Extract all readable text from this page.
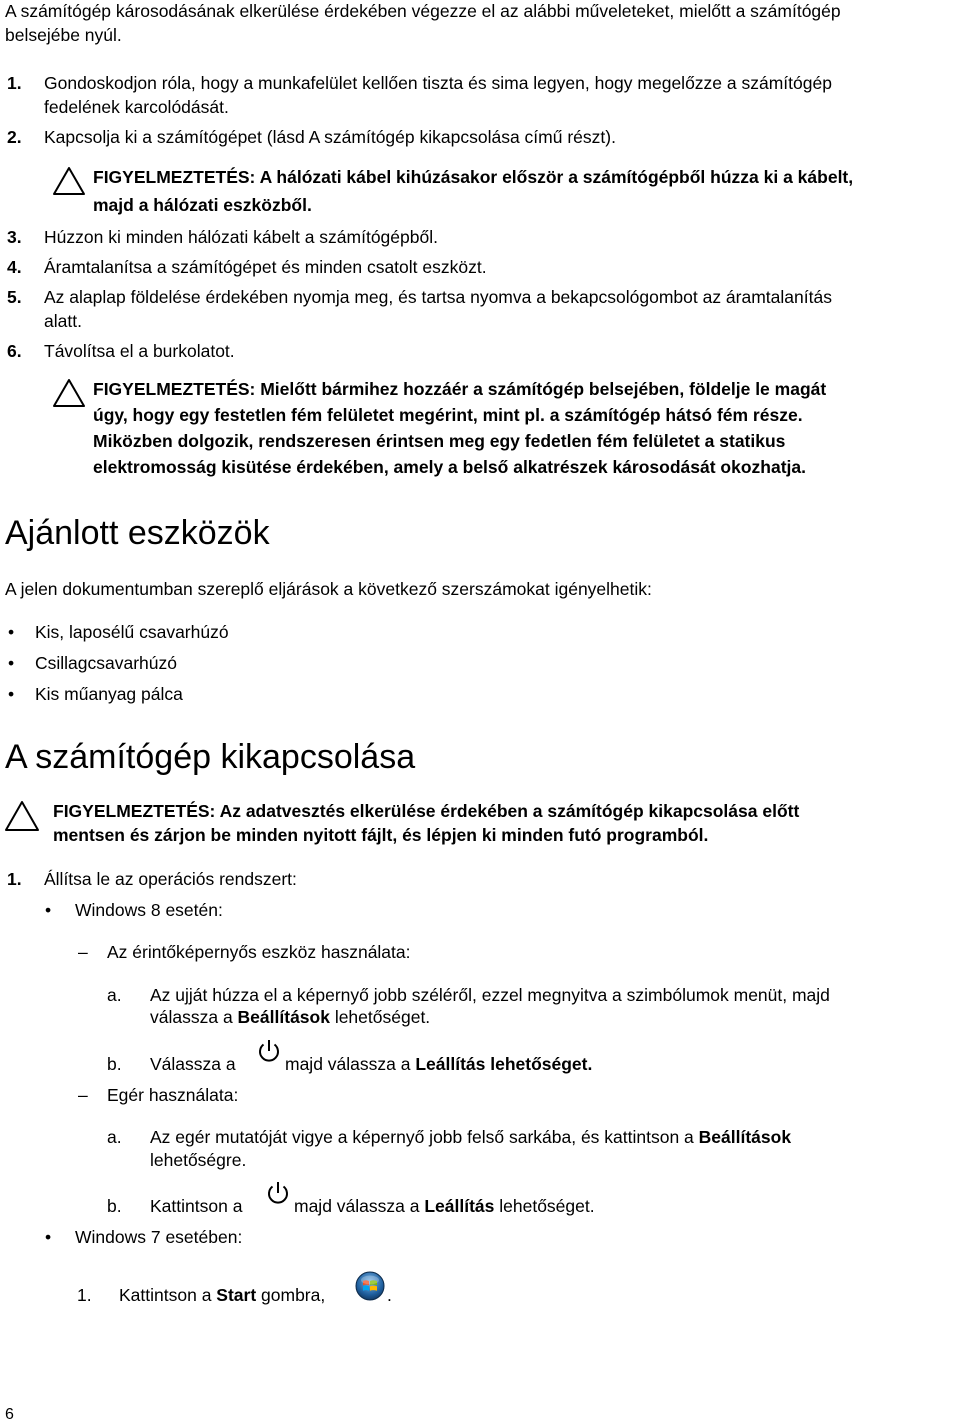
A számítógép károsodásának elkerülése érdekében végezze el az alábbi műveleteket, mielőtt a számítógép
belsejébe nyúl.
1. Gondoskodjon róla, hogy a munkafelület kellően tiszta és sima legyen, hogy megelőzze a számítógép
fedelének karcolódását.
2. Kapcsolja ki a számítógépet (lásd A számítógép kikapcsolása című részt).
FIGYELMEZTETÉS: A hálózati kábel kihúzásakor először a számítógépből húzza ki a kábelt,
majd a hálózati eszközből.
3. Húzzon ki minden hálózati kábelt a számítógépből.
4. Áramtalanítsa a számítógépet és minden csatolt eszközt.
5. Az alaplap földelése érdekében nyomja meg, és tartsa nyomva a bekapcsológombot az áramtalanítás
alatt.
6. Távolítsa el a burkolatot.
FIGYELMEZTETÉS: Mielőtt bármihez hozzáér a számítógép belsejében, földelje le magát
úgy, hogy egy festetlen fém felületet megérint, mint pl. a számítógép hátsó fém része.
Miközben dolgozik, rendszeresen érintsen meg egy fedetlen fém felületet a statikus
elektromosság kisütése érdekében, amely a belső alkatrészek károsodását okozhatja.
Ajánlott eszközök
A jelen dokumentumban szereplő eljárások a következő szerszámokat igényelhetik:
• Kis, laposélű csavarhúzó
• Csillagcsavarhúzó
• Kis műanyag pálca
A számítógép kikapcsolása
FIGYELMEZTETÉS: Az adatvesztés elkerülése érdekében a számítógép kikapcsolása előtt
mentsen és zárjon be minden nyitott fájlt, és lépjen ki minden futó programból.
1. Állítsa le az operációs rendszert:
• Windows 8 esetén:
– Az érintőképernyős eszköz használata:
a. Az ujját húzza el a képernyő jobb széléről, ezzel megnyitva a szimbólumok menüt, majd
válassza a Beállítások lehetőséget.
b. Válassza a	majd válassza a Leállítás lehetőséget.
– Egér használata:
a. Az egér mutatóját vigye a képernyő jobb felső sarkába, és kattintson a Beállítások
lehetőségre.
b. Kattintson a	majd válassza a Leállítás lehetőséget.
• Windows 7 esetében:
1. Kattintson a Start gombra,	.
6
